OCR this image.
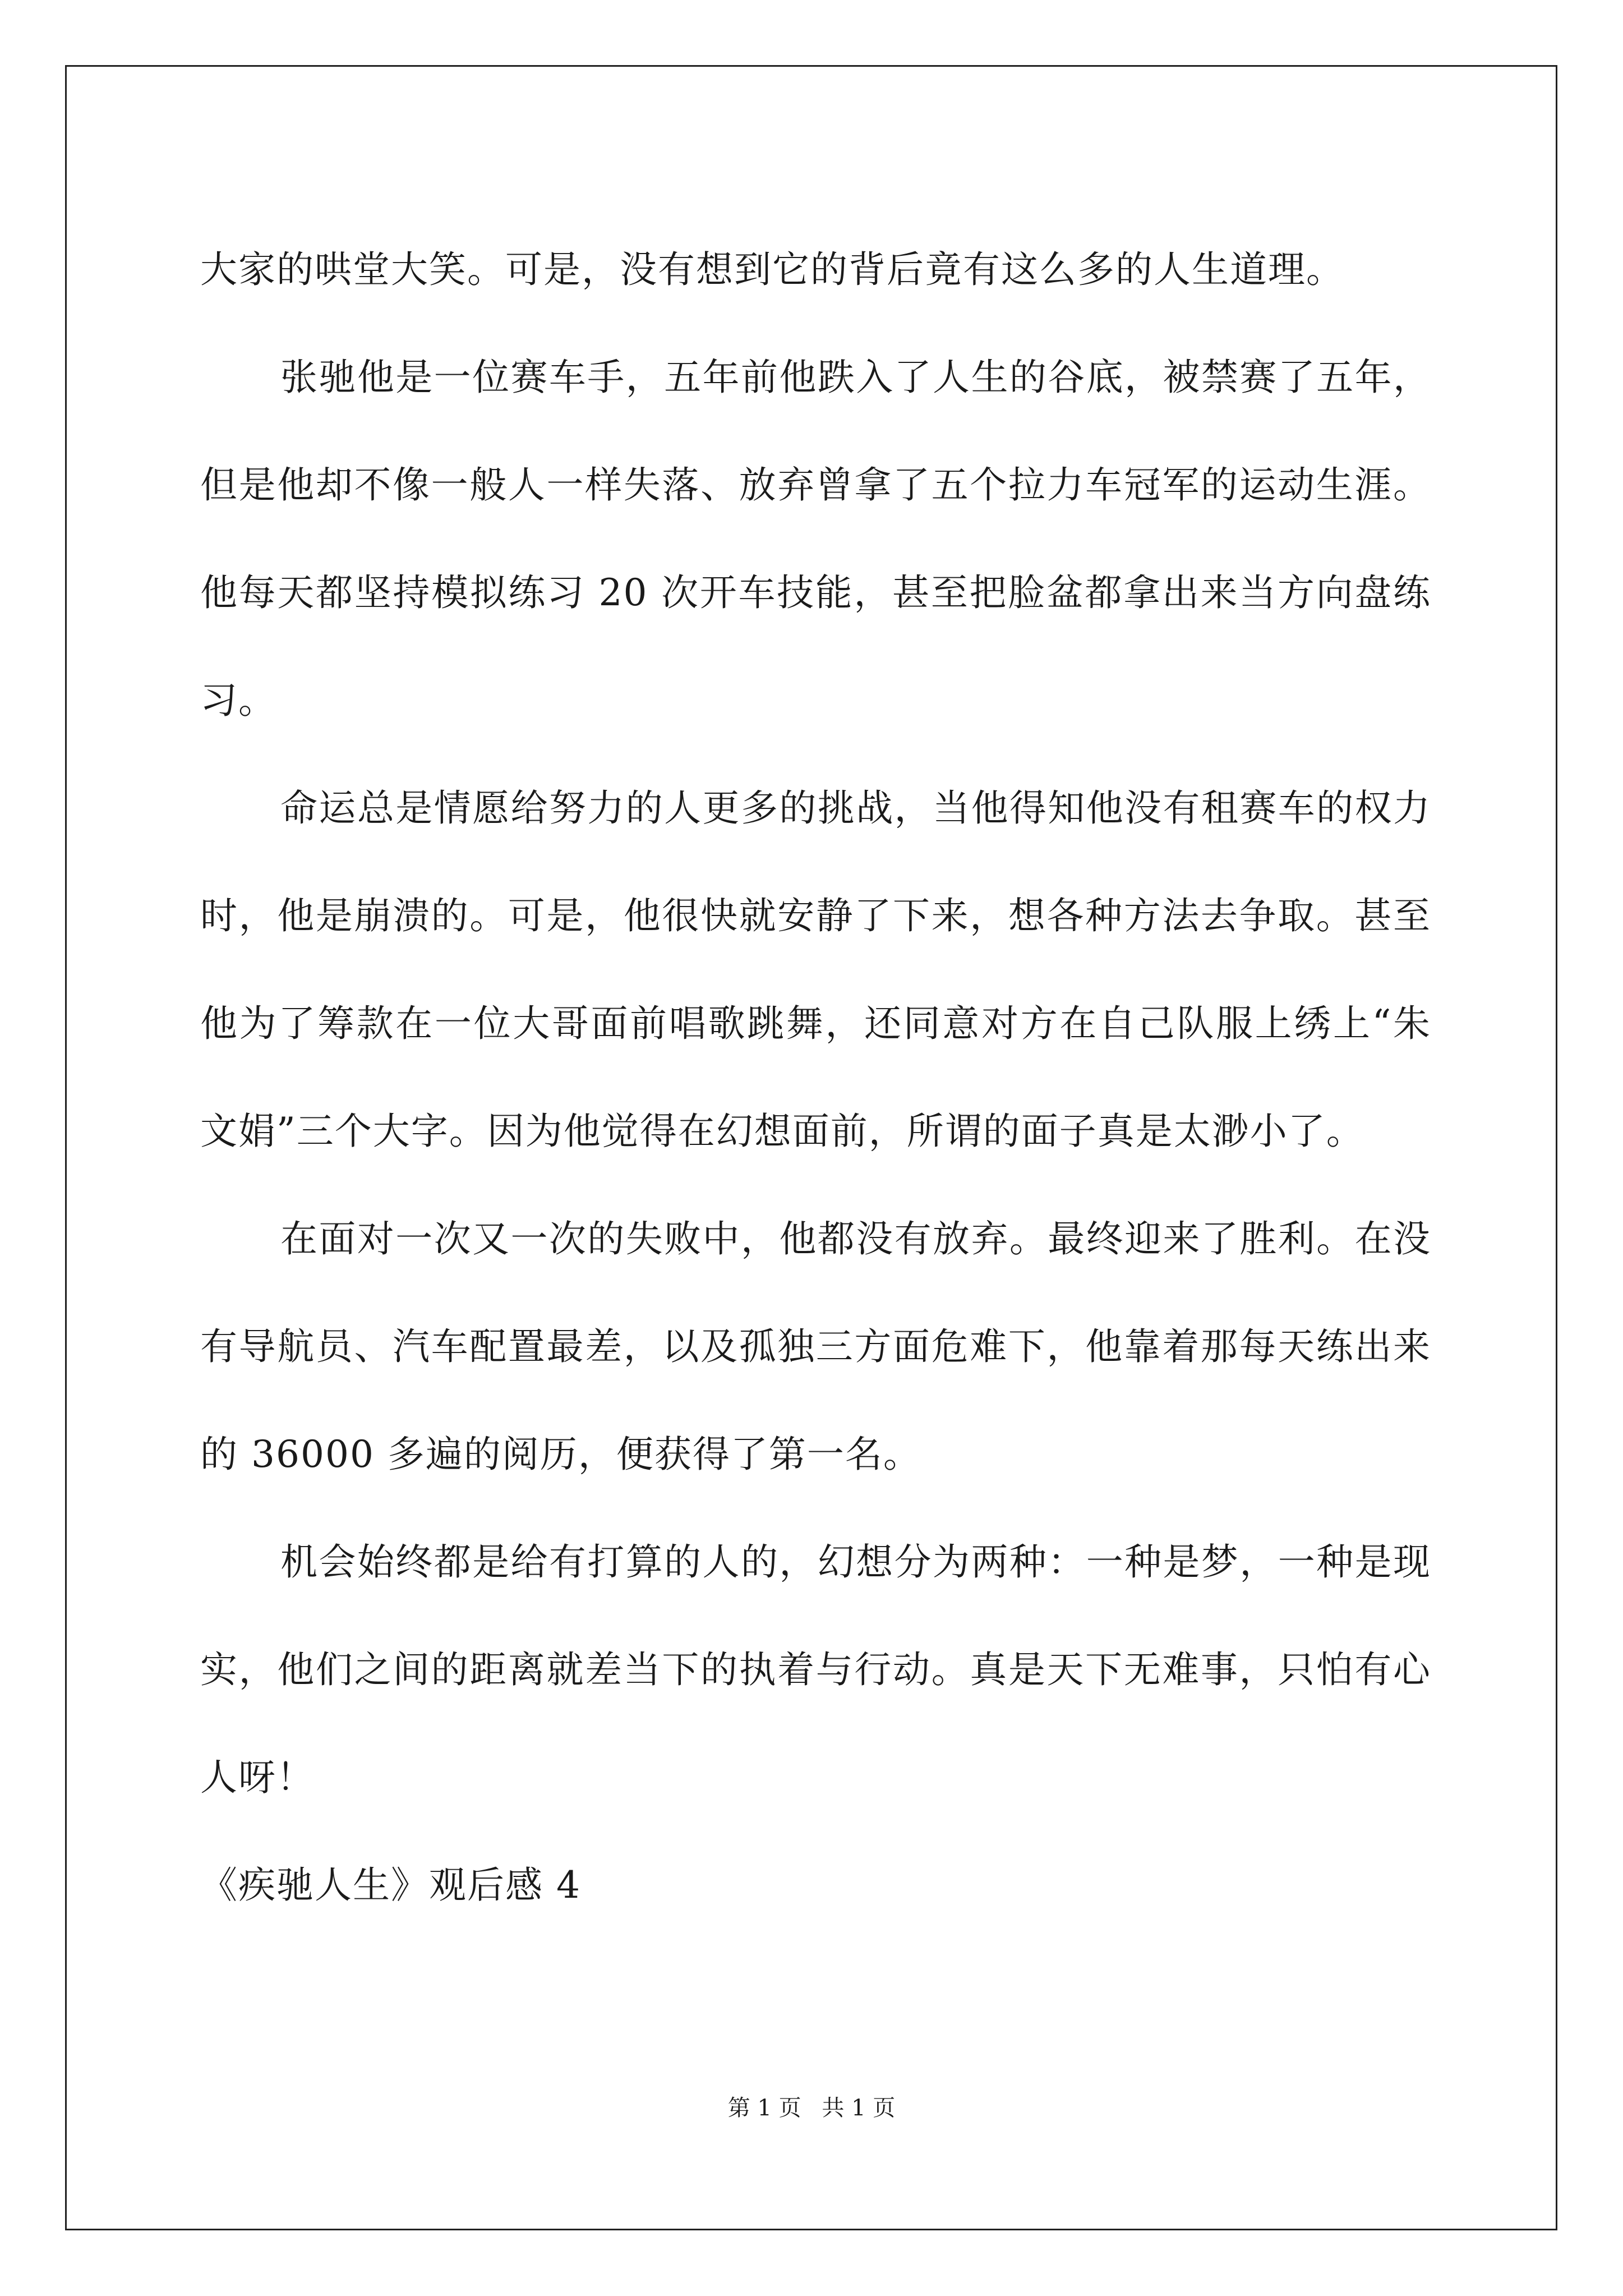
大家的哄堂大笑。可是，没有想到它的背后竟有这么多的人生道理。

张驰他是一位赛车手，五年前他跌入了人生的谷底，被禁赛了五年，但是他却不像一般人一样失落、放弃曾拿了五个拉力车冠军的运动生涯。他每天都坚持模拟练习 20 次开车技能，甚至把脸盆都拿出来当方向盘练习。

命运总是情愿给努力的人更多的挑战，当他得知他没有租赛车的权力时，他是崩溃的。可是，他很快就安静了下来，想各种方法去争取。甚至他为了筹款在一位大哥面前唱歌跳舞，还同意对方在自己队服上绣上“朱文娟”三个大字。因为他觉得在幻想面前，所谓的面子真是太渺小了。

在面对一次又一次的失败中，他都没有放弃。最终迎来了胜利。在没有导航员、汽车配置最差，以及孤独三方面危难下，他靠着那每天练出来的 36000 多遍的阅历，便获得了第一名。

机会始终都是给有打算的人的，幻想分为两种：一种是梦，一种是现实，他们之间的距离就差当下的执着与行动。真是天下无难事，只怕有心人呀！

《疾驰人生》观后感 4

第 1 页 共 1 页
